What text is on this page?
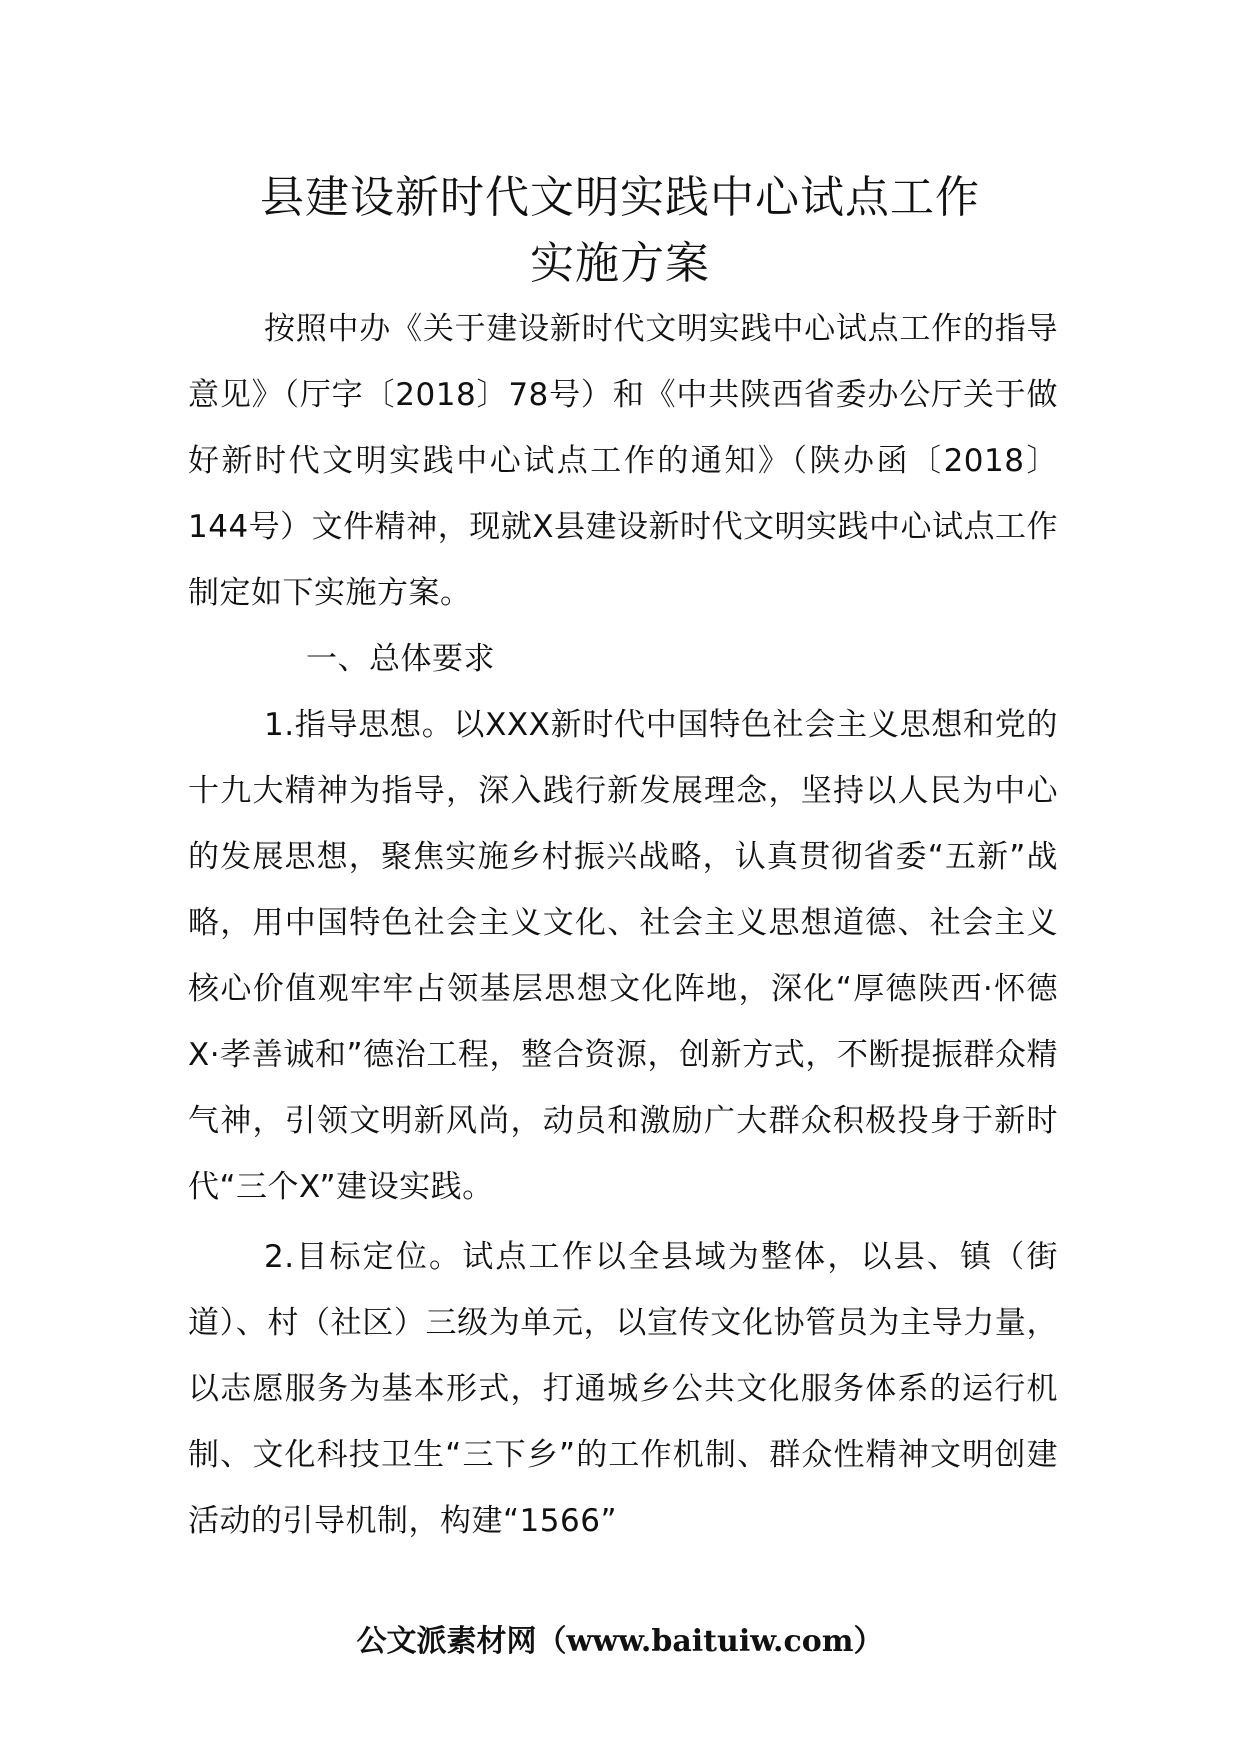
县建设新时代文明实践中心试点工作
实施方案

按照中办《关于建设新时代文明实践中心试点工作的指导意见》（厅字〔2018〕78号）和《中共陕西省委办公厅关于做好新时代文明实践中心试点工作的通知》（陕办函〔2018〕144号）文件精神，现就X县建设新时代文明实践中心试点工作制定如下实施方案。

一、总体要求

1.指导思想。以XXX新时代中国特色社会主义思想和党的十九大精神为指导，深入践行新发展理念，坚持以人民为中心的发展思想，聚焦实施乡村振兴战略，认真贯彻省委“五新”战略，用中国特色社会主义文化、社会主义思想道德、社会主义核心价值观牢牢占领基层思想文化阵地，深化“厚德陕西·怀德X·孝善诚和”德治工程，整合资源，创新方式，不断提振群众精气神，引领文明新风尚，动员和激励广大群众积极投身于新时代“三个X”建设实践。

2.目标定位。试点工作以全县域为整体，以县、镇（街道）、村（社区）三级为单元，以宣传文化协管员为主导力量，以志愿服务为基本形式，打通城乡公共文化服务体系的运行机制、文化科技卫生“三下乡”的工作机制、群众性精神文明创建活动的引导机制，构建“1566”

公文派素材网（www.baituiw.com）
